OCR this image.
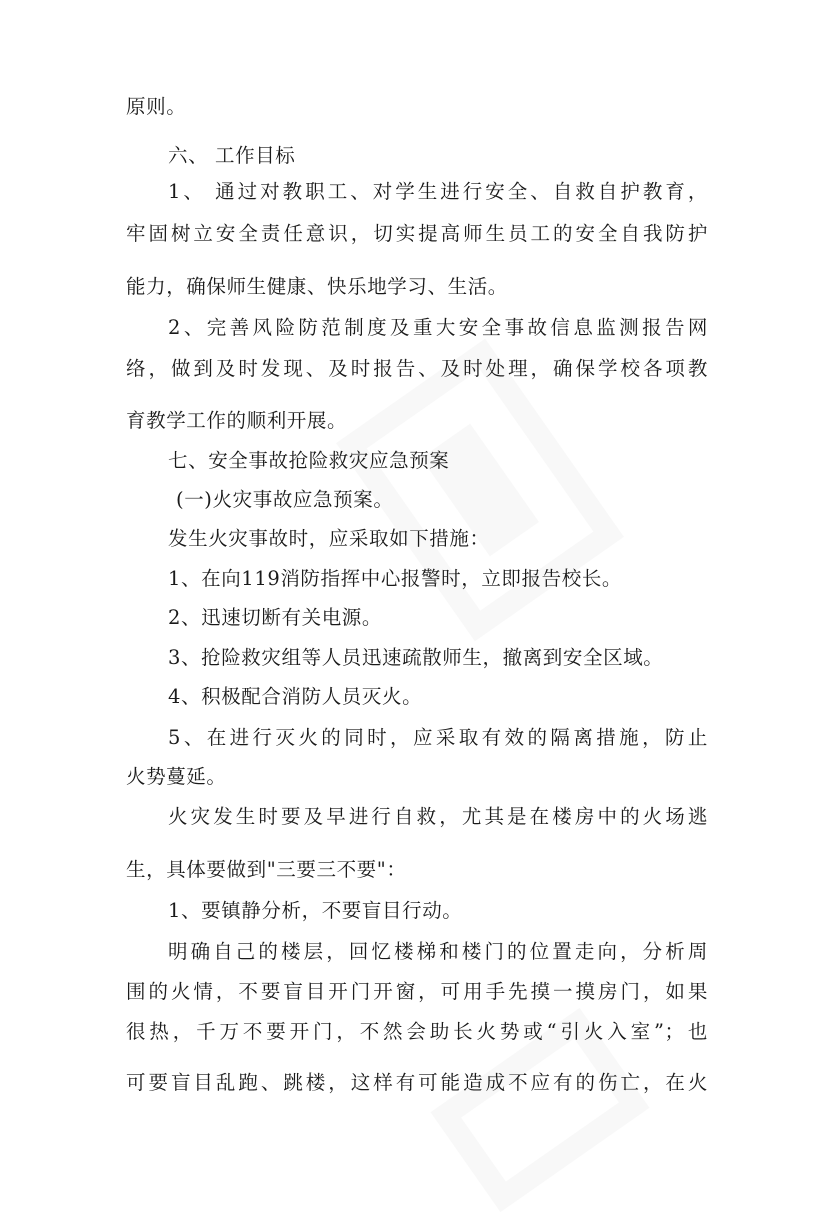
原则。
六、 工作目标
1、 通过对教职工、对学生进行安全、自救自护教育，
牢固树立安全责任意识，切实提高师生员工的安全自我防护
能力，确保师生健康、快乐地学习、生活。
2、完善风险防范制度及重大安全事故信息监测报告网
络，做到及时发现、及时报告、及时处理，确保学校各项教
育教学工作的顺利开展。
七、安全事故抢险救灾应急预案
(一)火灾事故应急预案。
发生火灾事故时，应采取如下措施：
1、在向119消防指挥中心报警时，立即报告校长。
2、迅速切断有关电源。
3、抢险救灾组等人员迅速疏散师生，撤离到安全区域。
4、积极配合消防人员灭火。
5、在进行灭火的同时，应采取有效的隔离措施，防止
火势蔓延。
火灾发生时要及早进行自救，尤其是在楼房中的火场逃
生，具体要做到"三要三不要"：
1、要镇静分析，不要盲目行动。
明确自己的楼层，回忆楼梯和楼门的位置走向，分析周
围的火情，不要盲目开门开窗，可用手先摸一摸房门，如果
很热，千万不要开门，不然会助长火势或“引火入室”；也
可要盲目乱跑、跳楼，这样有可能造成不应有的伤亡，在火
